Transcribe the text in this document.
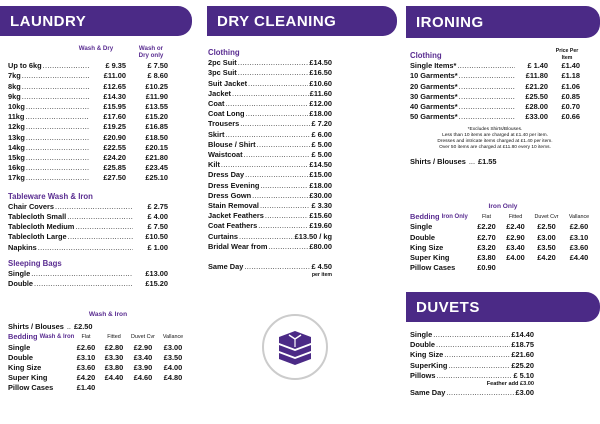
LAUNDRY
Wash & Dry	Wash or Dry only
Up to 6kg .....	£ 9.35	£ 7.50
7kg .....	£11.00	£ 8.60
8kg .....	£12.65	£10.25
9kg .....	£14.30	£11.90
10kg .....	£15.95	£13.55
11kg .....	£17.60	£15.20
12kg .....	£19.25	£16.85
13kg .....	£20.90	£18.50
14kg .....	£22.55	£20.15
15kg .....	£24.20	£21.80
16kg .....	£25.85	£23.45
17kg .....	£27.50	£25.10
Tableware Wash & Iron
Chair Covers .....	£ 2.75
Tablecloth Small .....	£ 4.00
Tablecloth Medium .....	£ 7.50
Tablecloth Large .....	£10.50
Napkins .....	£ 1.00
Sleeping Bags
Single .....	£13.00
Double .....	£15.20
Wash & Iron
Shirts / Blouses .. £2.50
Bedding Wash & Iron	Flat	Fitted	Duvet Cvr	Vallance
Single	£2.60	£2.80	£2.90	£3.00
Double	£3.10	£3.30	£3.40	£3.50
King Size	£3.60	£3.80	£3.90	£4.00
Super King	£4.20	£4.40	£4.60	£4.80
Pillow Cases	£1.40
DRY CLEANING
Clothing
2pc Suit .....	£14.50
3pc Suit .....	£16.50
Suit Jacket .....	£10.60
Jacket .....	£11.60
Coat .....	£12.00
Coat Long .....	£18.00
Trousers .....	£ 7.20
Skirt .....	£ 6.00
Blouse / Shirt .....	£ 5.00
Waistcoat .....	£ 5.00
Kilt .....	£14.50
Dress Day .....	£15.00
Dress Evening .....	£18.00
Dress Gown .....	£30.00
Stain Removal .....	£ 3.30
Jacket Feathers .....	£15.60
Coat Feathers .....	£19.60
Curtains .....	£13.50 / kg
Bridal Wear from .....	£80.00
Same Day .....	£ 4.50
per item
IRONING
Clothing	Price Per Item
Single Items* .....	£ 1.40	£1.40
10 Garments* .....	£11.80	£1.18
20 Garments* .....	£21.20	£1.06
30 Garments* .....	£25.50	£0.85
40 Garments* .....	£28.00	£0.70
50 Garments* .....	£33.00	£0.66
*Excludes Shirts/Blouses.
Less than 10 items are charged at £1.40 per item.
Dresses and intricate items charged at £1.40 per item.
Over 50 items are charged at £11.80 every 10 items.
Shirts / Blouses ... £1.55
Iron Only
Bedding Iron Only	Flat	Fitted	Duvet Cvr	Vallance
Single	£2.20	£2.40	£2.50	£2.60
Double	£2.70	£2.90	£3.00	£3.10
King Size	£3.20	£3.40	£3.50	£3.60
Super King	£3.80	£4.00	£4.20	£4.40
Pillow Cases	£0.90
DUVETS
Single .....	£14.40
Double .....	£18.75
King Size .....	£21.60
SuperKing .....	£25.20
Pillows .....	£ 5.10
Feather add £3.00
Same Day .....	£3.00
